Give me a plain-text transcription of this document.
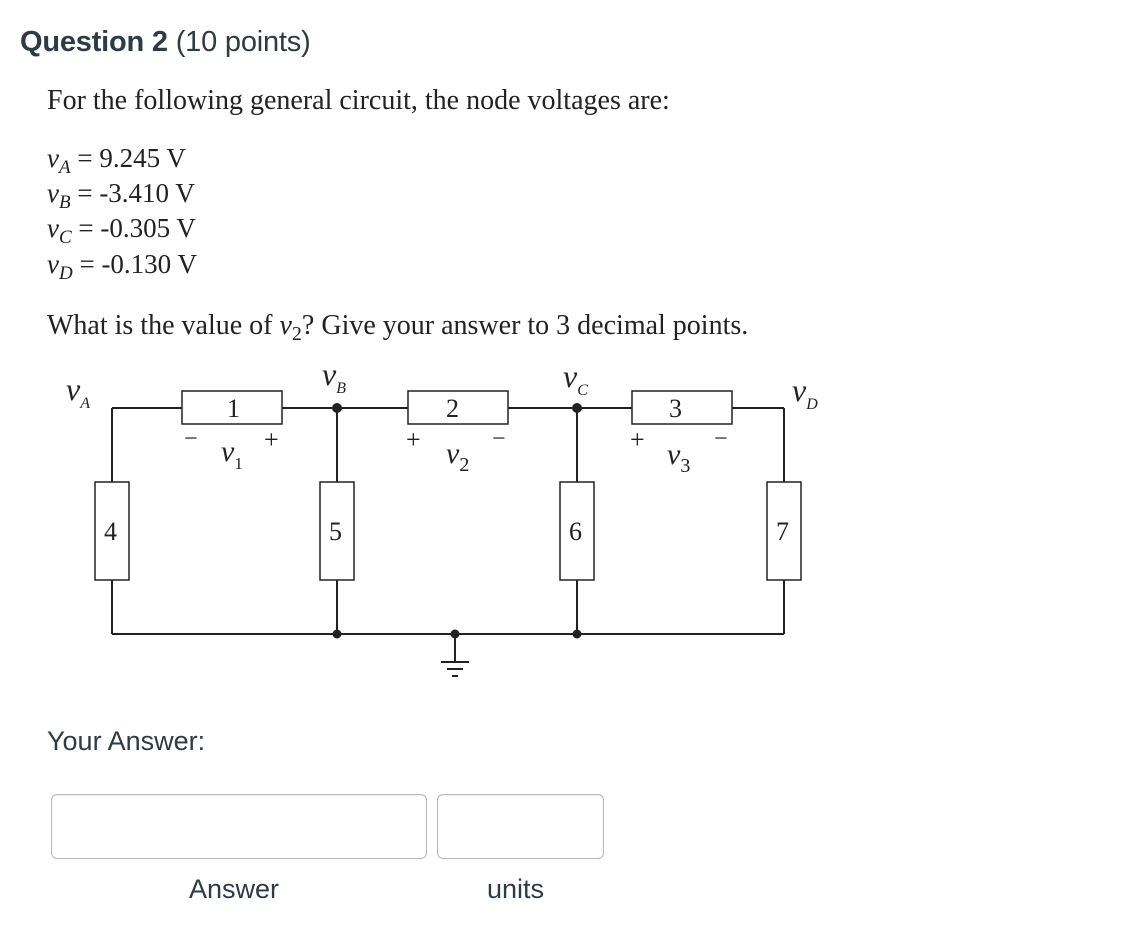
Question 2 (10 points)
For the following general circuit, the node voltages are:
$v_A = 9.245$ V
$v_B = -3.410$ V
$v_C = -0.305$ V
$v_D = -0.130$ V
What is the value of $v_2$? Give your answer to 3 decimal points.
1	2	3
4	5	6	7
$v_A$
$v_B$	$v_C$	$v_D$
− $v_1$
+	+ $v_2$
−	+ $v_3$
−
Your Answer:
Answer	units
